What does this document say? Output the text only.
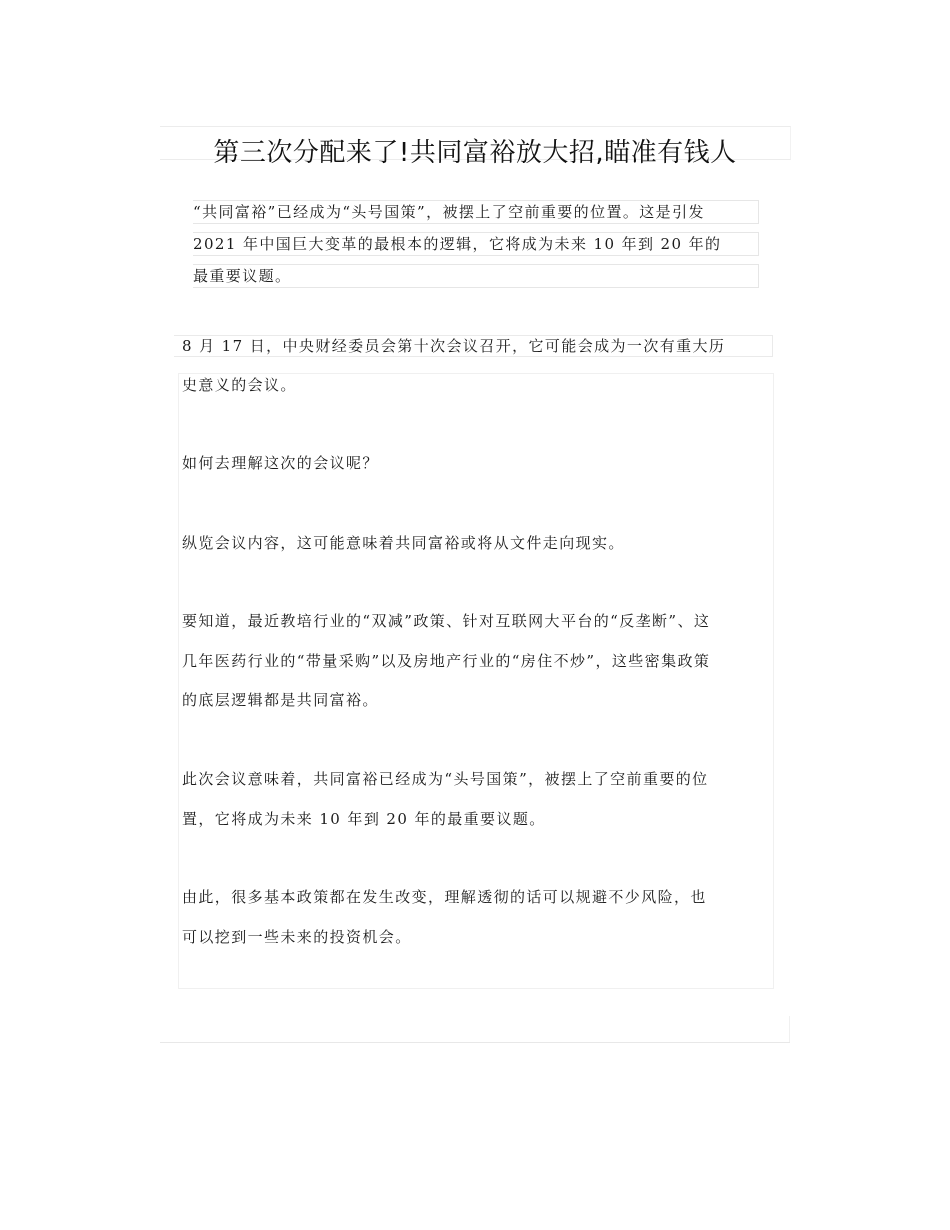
第三次分配来了!共同富裕放大招,瞄准有钱人
“共同富裕”已经成为“头号国策”，被摆上了空前重要的位置。这是引发
2021 年中国巨大变革的最根本的逻辑，它将成为未来 10 年到 20 年的
最重要议题。
8 月 17 日，中央财经委员会第十次会议召开，它可能会成为一次有重大历
史意义的会议。
如何去理解这次的会议呢？
纵览会议内容，这可能意味着共同富裕或将从文件走向现实。
要知道，最近教培行业的“双减”政策、针对互联网大平台的“反垄断”、这
几年医药行业的“带量采购”以及房地产行业的“房住不炒”，这些密集政策
的底层逻辑都是共同富裕。
此次会议意味着，共同富裕已经成为“头号国策”，被摆上了空前重要的位
置，它将成为未来 10 年到 20 年的最重要议题。
由此，很多基本政策都在发生改变，理解透彻的话可以规避不少风险，也
可以挖到一些未来的投资机会。
